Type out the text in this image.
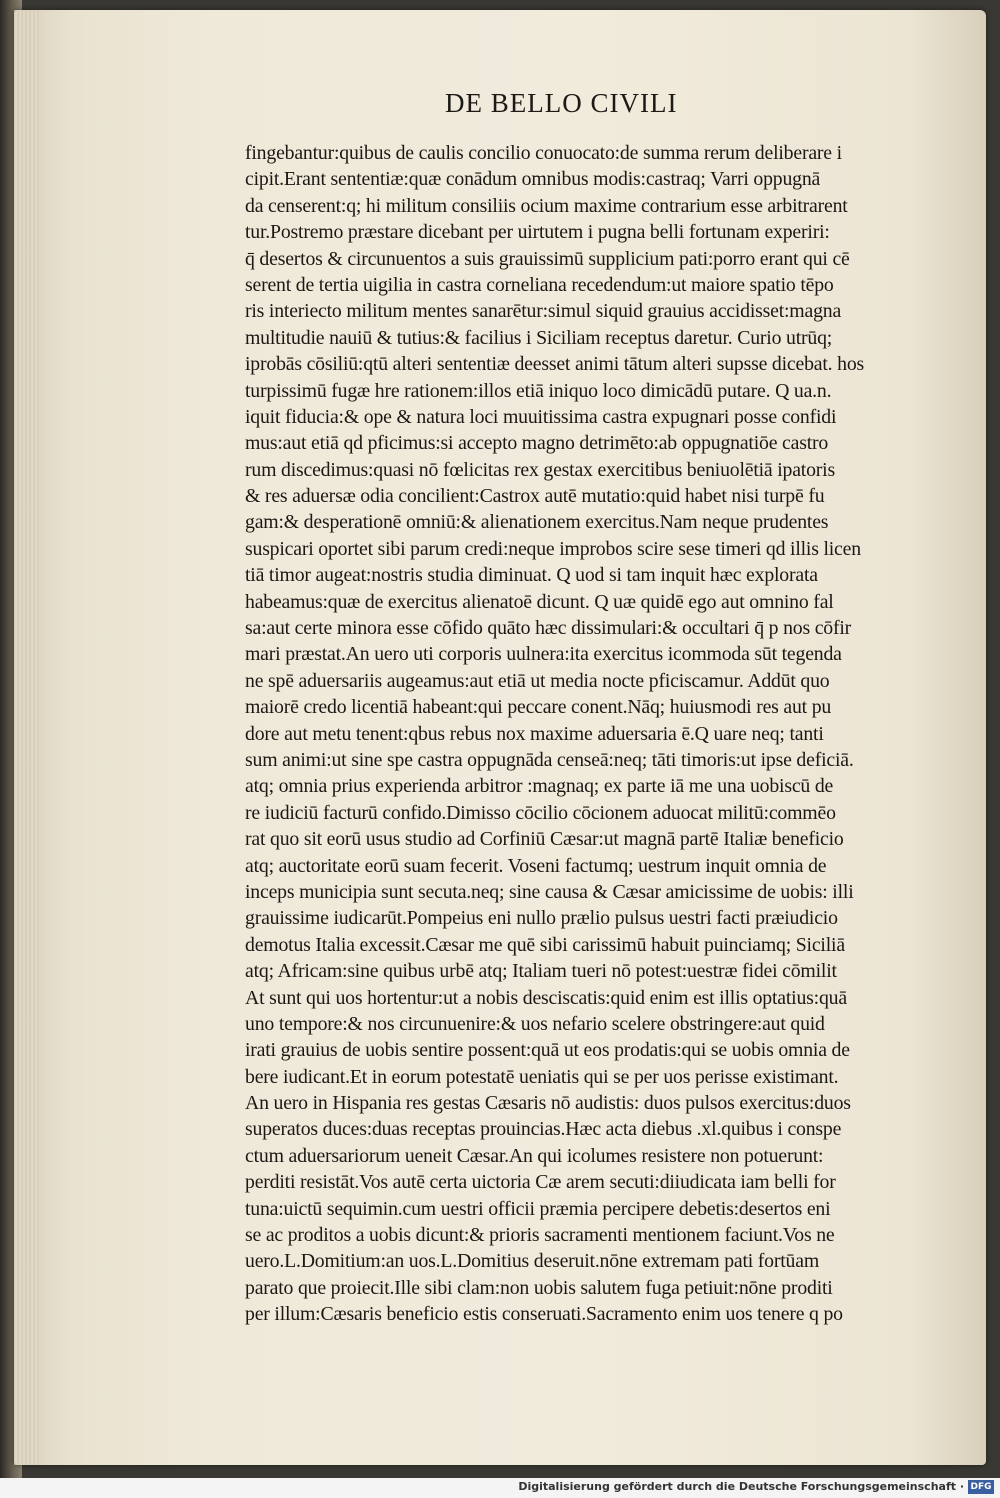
DE BELLO CIVILI
fingebantur:quibus de caulis concilio conuocato:de summa rerum deliberare i
cipit.Erant sententiæ:quæ conādum omnibus modis:castraq; Varri oppugnā
da censerent:q; hi militum consiliis ocium maxime contrarium esse arbitrarent
tur.Postremo præstare dicebant per uirtutem i pugna belli fortunam experiri:
q̄ desertos & circunuentos a suis grauissimū supplicium pati:porro erant qui cē
serent de tertia uigilia in castra corneliana recedendum:ut maiore spatio tēpo
ris interiecto militum mentes sanarētur:simul siquid grauius accidisset:magna
multitudie nauiū & tutius:& facilius i Siciliam receptus daretur. Curio utrūq;
iprobās cōsiliū:qtū alteri sententiæ deesset animi tātum alteri supsse dicebat. hos
turpissimū fugæ hre rationem:illos etiā iniquo loco dimicādū putare. Q ua.n.
iquit fiducia:& ope & natura loci muuitissima castra expugnari posse confidi
mus:aut etiā qd pficimus:si accepto magno detrimēto:ab oppugnatiōe castro
rum discedimus:quasi nō fœlicitas rex gestax exercitibus beniuolētiā ipatoris
& res aduersæ odia concilient:Castrox autē mutatio:quid habet nisi turpē fu
gam:& desperationē omniū:& alienationem exercitus.Nam neque prudentes
suspicari oportet sibi parum credi:neque improbos scire sese timeri qd illis licen
tiā timor augeat:nostris studia diminuat. Q uod si tam inquit hæc explorata
habeamus:quæ de exercitus alienatoē dicunt. Q uæ quidē ego aut omnino fal
sa:aut certe minora esse cōfido quāto hæc dissimulari:& occultari q̄ p nos cōfir
mari præstat.An uero uti corporis uulnera:ita exercitus icommoda sūt tegenda
ne spē aduersariis augeamus:aut etiā ut media nocte pficiscamur. Addūt quo
maiorē credo licentiā habeant:qui peccare conent.Nāq; huiusmodi res aut pu
dore aut metu tenent:qbus rebus nox maxime aduersaria ē.Q uare neq; tanti
sum animi:ut sine spe castra oppugnāda censeā:neq; tāti timoris:ut ipse deficiā.
atq; omnia prius experienda arbitror :magnaq; ex parte iā me una uobiscū de
re iudiciū facturū confido.Dimisso cōcilio cōcionem aduocat militū:commēo
rat quo sit eorū usus studio ad Corfiniū Cæsar:ut magnā partē Italiæ beneficio
atq; auctoritate eorū suam fecerit. Voseni factumq; uestrum inquit omnia de
inceps municipia sunt secuta.neq; sine causa & Cæsar amicissime de uobis: illi
grauissime iudicarūt.Pompeius eni nullo prælio pulsus uestri facti præiudicio
demotus Italia excessit.Cæsar me quē sibi carissimū habuit puinciamq; Siciliā
atq; Africam:sine quibus urbē atq; Italiam tueri nō potest:uestræ fidei cōmilit
At sunt qui uos hortentur:ut a nobis desciscatis:quid enim est illis optatius:quā
uno tempore:& nos circunuenire:& uos nefario scelere obstringere:aut quid
irati grauius de uobis sentire possent:quā ut eos prodatis:qui se uobis omnia de
bere iudicant.Et in eorum potestatē ueniatis qui se per uos perisse existimant.
An uero in Hispania res gestas Cæsaris nō audistis: duos pulsos exercitus:duos
superatos duces:duas receptas prouincias.Hæc acta diebus .xl.quibus i conspe
ctum aduersariorum ueneit Cæsar.An qui icolumes resistere non potuerunt:
perditi resistāt.Vos autē certa uictoria Cæ arem secuti:diiudicata iam belli for
tuna:uictū sequimin.cum uestri officii præmia percipere debetis:desertos eni
se ac proditos a uobis dicunt:& prioris sacramenti mentionem faciunt.Vos ne
uero.L.Domitium:an uos.L.Domitius deseruit.nōne extremam pati fortūam
parato que proiecit.Ille sibi clam:non uobis salutem fuga petiuit:nōne proditi
per illum:Cæsaris beneficio estis conseruati.Sacramento enim uos tenere q po
Digitalisierung gefördert durch die Deutsche Forschungsgemeinschaft · DFG
